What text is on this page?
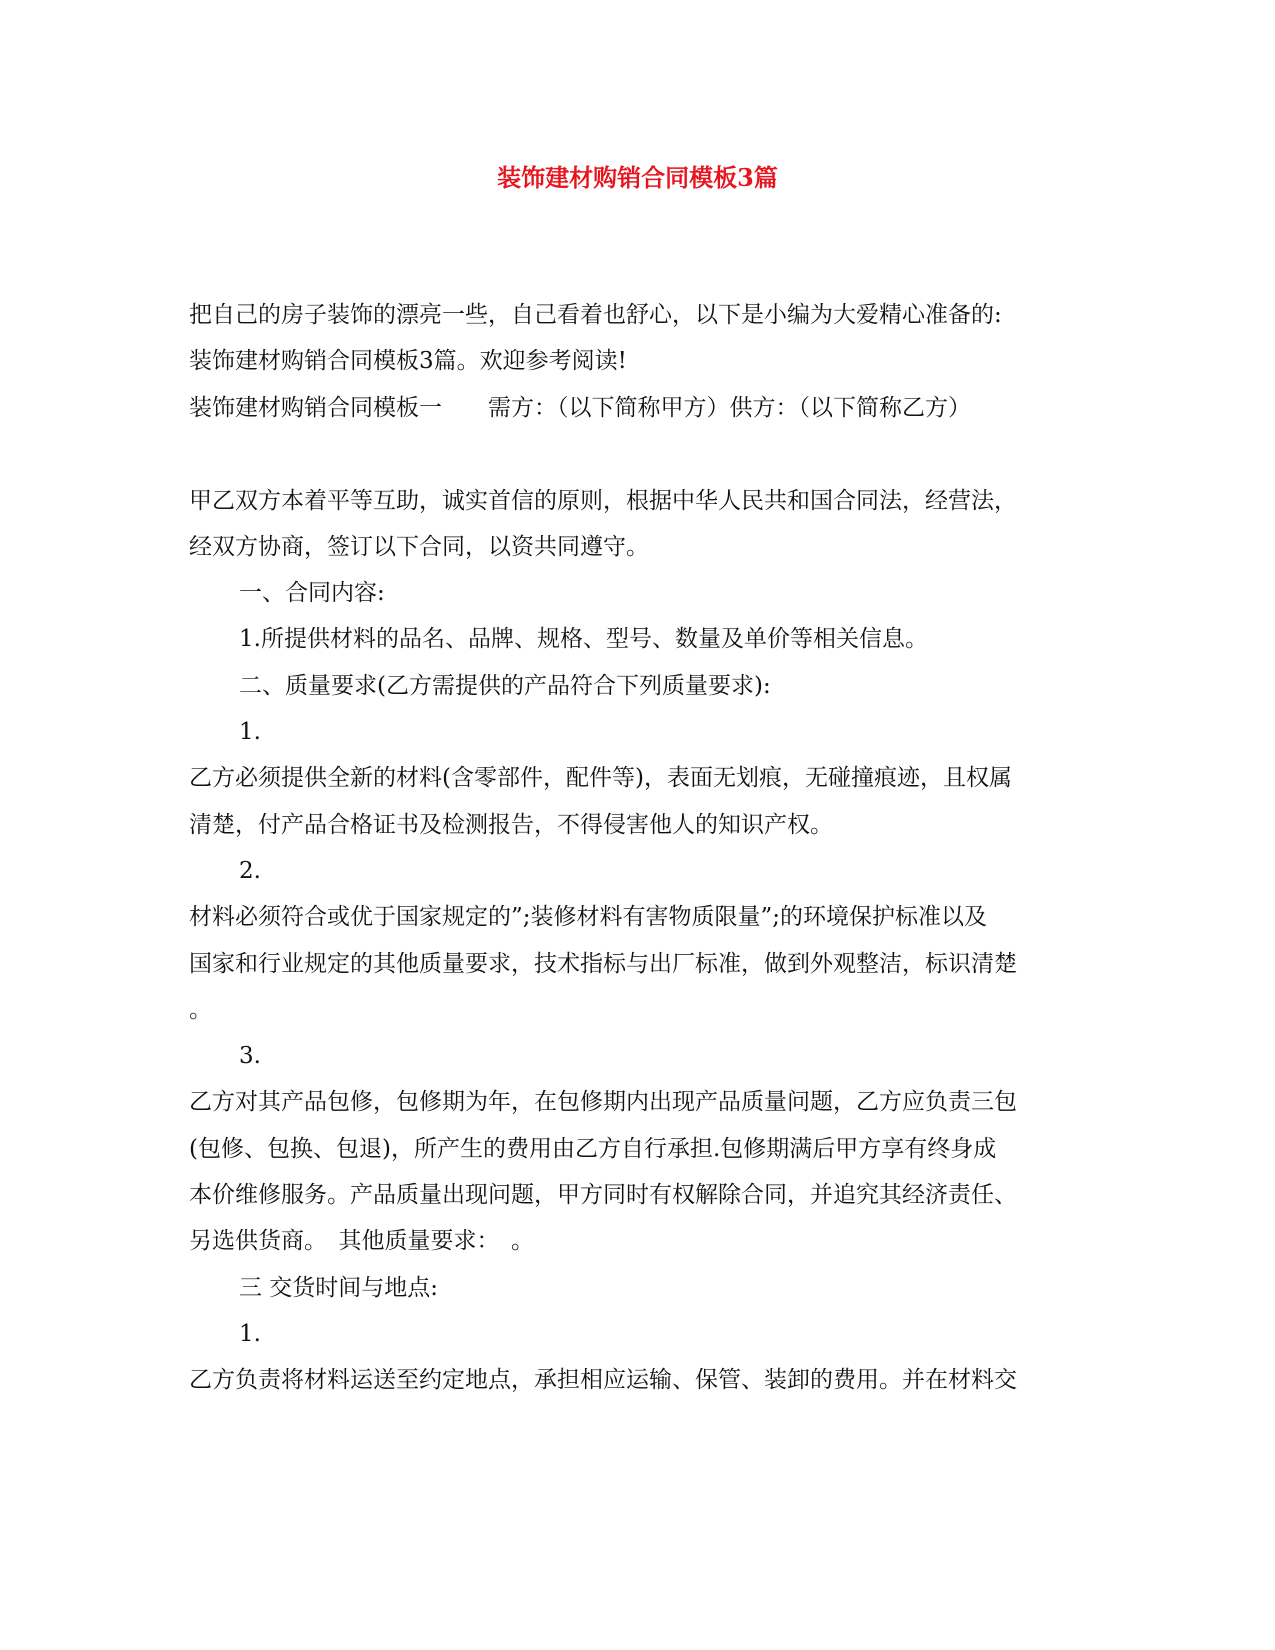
装饰建材购销合同模板3篇
把自己的房子装饰的漂亮一些，自己看着也舒心，以下是小编为大爱精心准备的:
装饰建材购销合同模板3篇。欢迎参考阅读!
装饰建材购销合同模板一　　需方：（以下简称甲方）供方：（以下简称乙方）
甲乙双方本着平等互助，诚实首信的原则，根据中华人民共和国合同法，经营法，
经双方协商，签订以下合同，以资共同遵守。
一、合同内容:
1.所提供材料的品名、品牌、规格、型号、数量及单价等相关信息。
二、质量要求(乙方需提供的产品符合下列质量要求):
1.
乙方必须提供全新的材料(含零部件，配件等)，表面无划痕，无碰撞痕迹，且权属
清楚，付产品合格证书及检测报告，不得侵害他人的知识产权。
2.
材料必须符合或优于国家规定的”;装修材料有害物质限量”;的环境保护标准以及
国家和行业规定的其他质量要求，技术指标与出厂标准，做到外观整洁，标识清楚
。
3.
乙方对其产品包修，包修期为年，在包修期内出现产品质量问题，乙方应负责三包
(包修、包换、包退)，所产生的费用由乙方自行承担.包修期满后甲方享有终身成
本价维修服务。产品质量出现问题，甲方同时有权解除合同，并追究其经济责任、
另选供货商。　其他质量要求：　。
三 交货时间与地点:
1.
乙方负责将材料运送至约定地点，承担相应运输、保管、装卸的费用。并在材料交
